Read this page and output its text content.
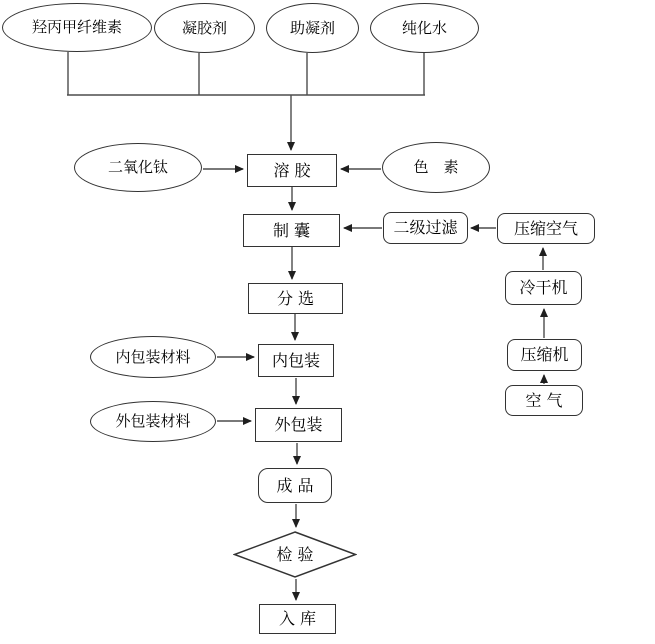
羟丙甲纤维素	凝胶剂	助凝剂	纯化水
二氧化钛	溶 胶	色　素
制 囊	二级过滤	压缩空气
冷干机
压缩机
空 气
分 选
内包装材料	内包装
外包装材料	外包装
成 品
检 验
入 库
